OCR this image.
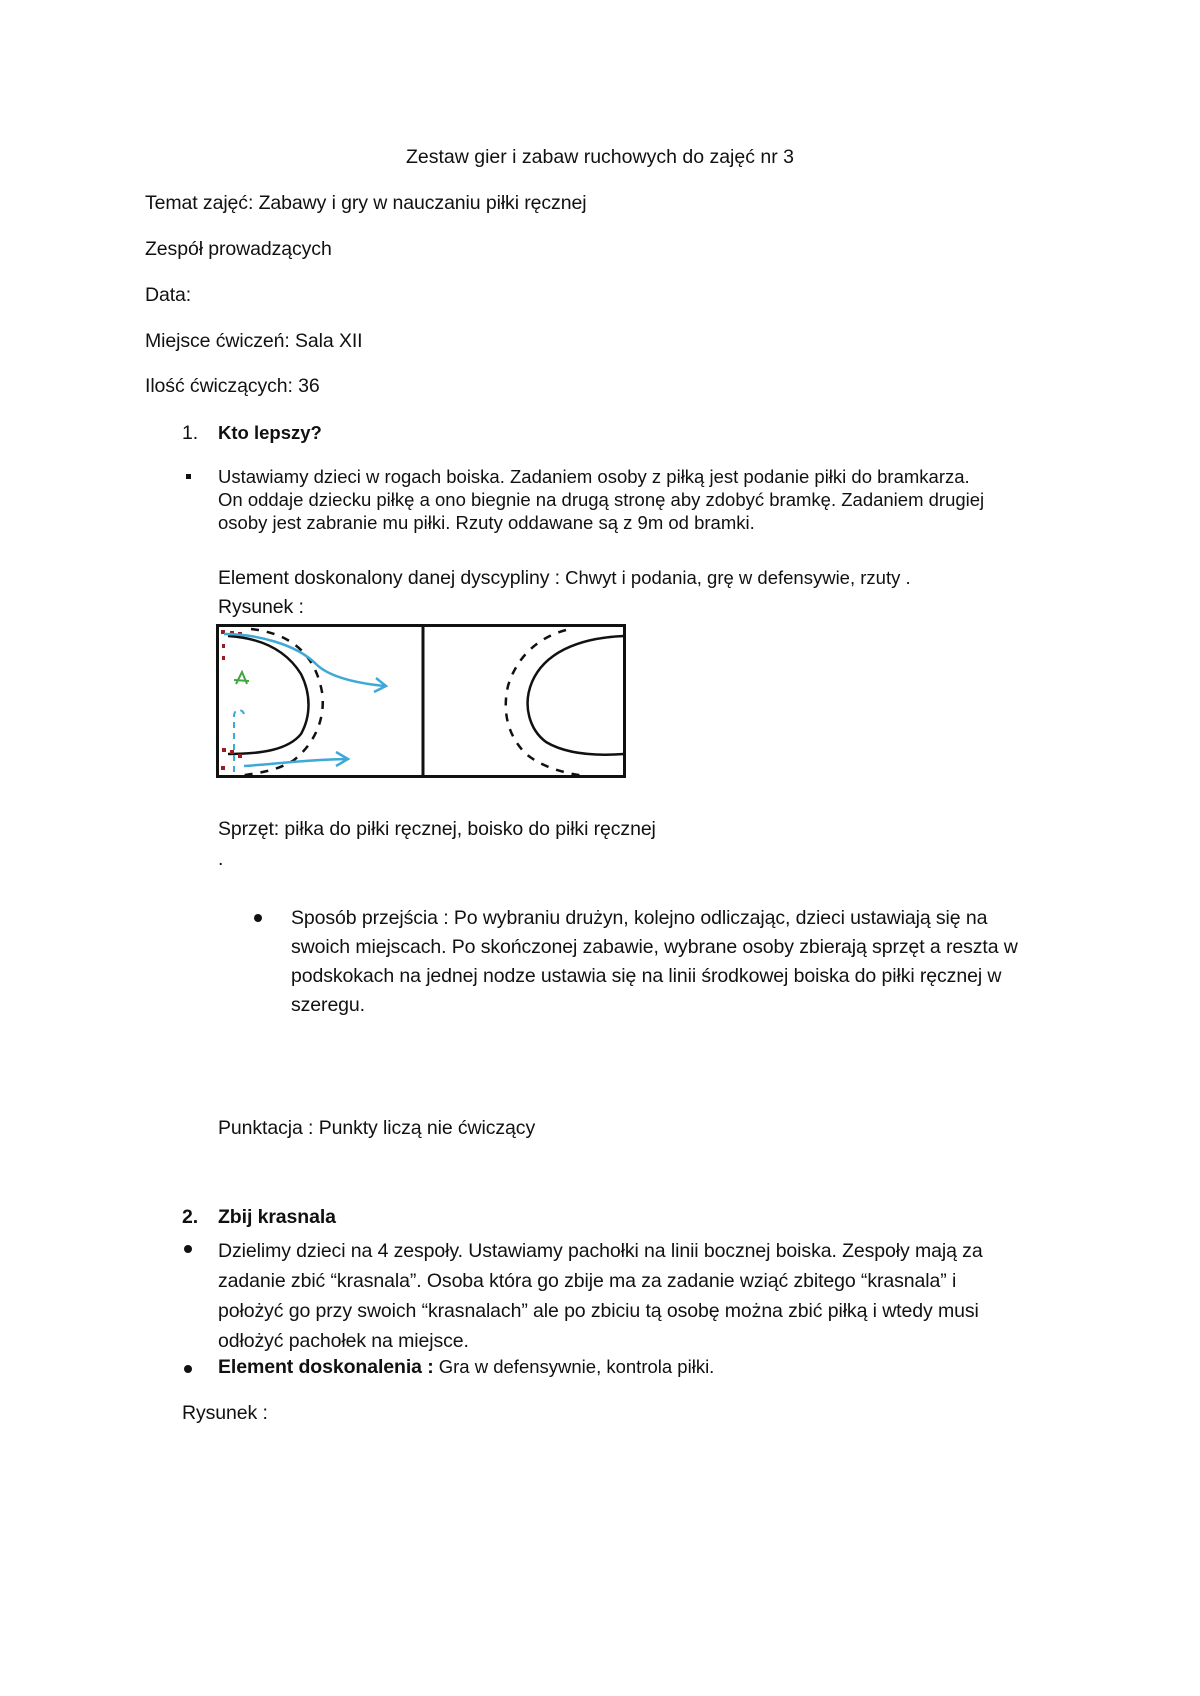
Zestaw gier i zabaw ruchowych do zajęć nr 3

Temat zajęć: Zabawy i gry w nauczaniu piłki ręcznej

Zespół prowadzących

Data:

Miejsce ćwiczeń: Sala XII

Ilość ćwiczących: 36

1. Kto lepszy?
Ustawiamy dzieci w rogach boiska. Zadaniem osoby z piłką jest podanie piłki do bramkarza.
On oddaje dziecku piłkę a ono biegnie na drugą stronę aby zdobyć bramkę. Zadaniem drugiej
osoby jest zabranie mu piłki. Rzuty oddawane są z 9m od bramki.

Element doskonalony danej dyscypliny : Chwyt i podania, grę w defensywie, rzuty .

Rysunek :

Sprzęt: piłka do piłki ręcznej, boisko do piłki ręcznej

.

Sposób przejścia : Po wybraniu drużyn, kolejno odliczając, dzieci ustawiają się na
swoich miejscach. Po skończonej zabawie, wybrane osoby zbierają sprzęt a reszta w
podskokach na jednej nodze ustawia się na linii środkowej boiska do piłki ręcznej w
szeregu.

Punktacja : Punkty liczą nie ćwiczący

2. Zbij krasnala
Dzielimy dzieci na 4 zespoły. Ustawiamy pachołki na linii bocznej boiska. Zespoły mają za
zadanie zbić “krasnala”. Osoba która go zbije ma za zadanie wziąć zbitego “krasnala” i
położyć go przy swoich “krasnalach” ale po zbiciu tą osobę można zbić piłką i wtedy musi
odłożyć pachołek na miejsce.

Element doskonalenia : Gra w defensywnie, kontrola piłki.

Rysunek :
